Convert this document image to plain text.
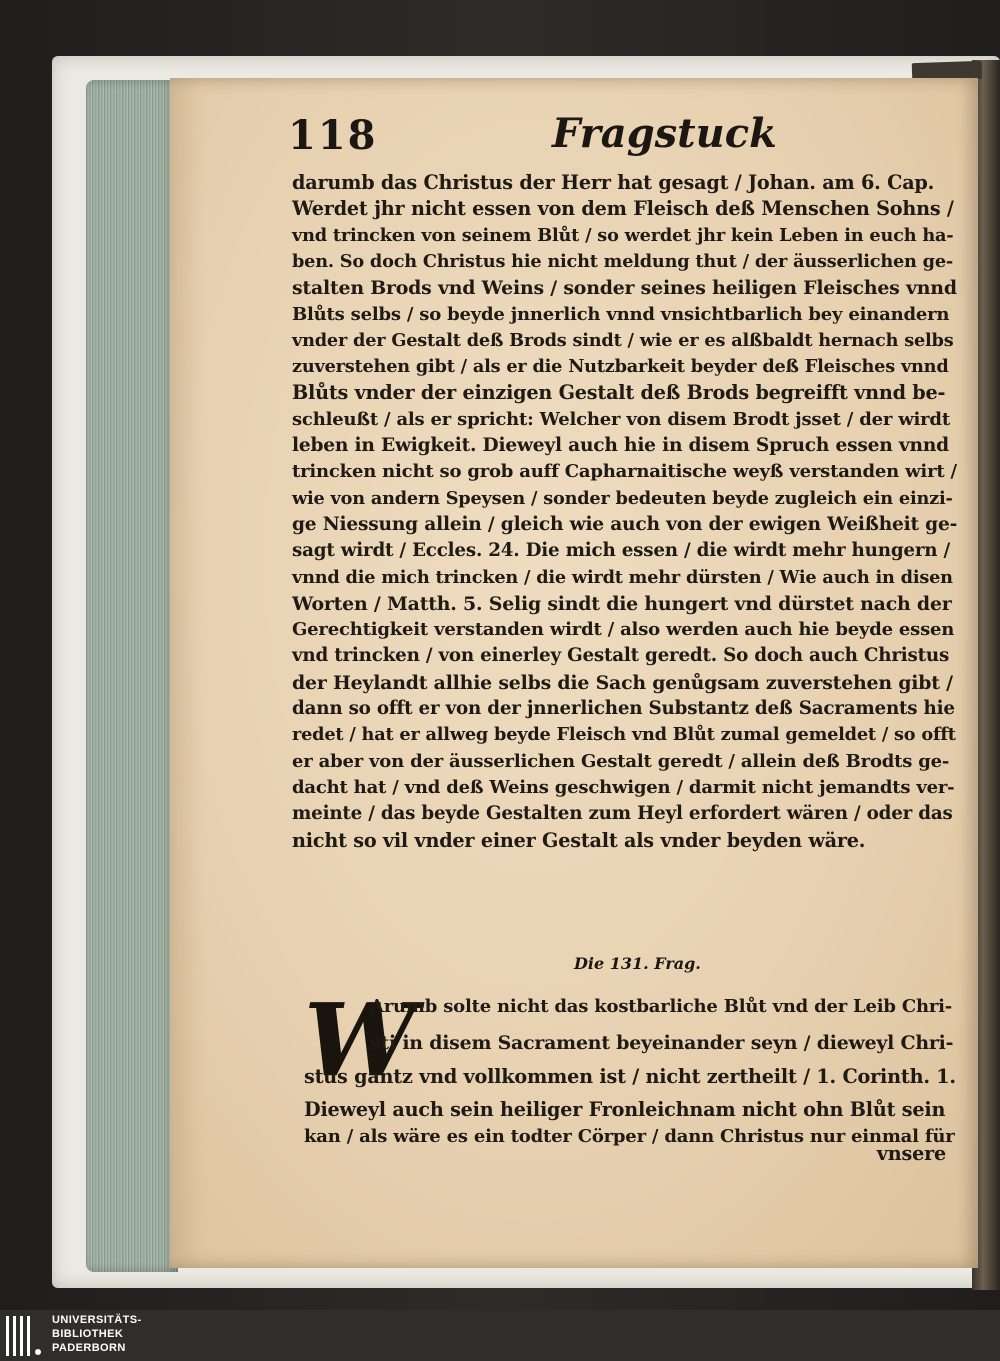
118	Fragstuck
darumb das Christus der Herr hat gesagt / Johan. am 6. Cap.
Werdet jhr nicht essen von dem Fleisch deß Menschen Sohns /
vnd trincken von seinem Blůt / so werdet jhr kein Leben in euch ha-
ben. So doch Christus hie nicht meldung thut / der äusserlichen ge-
stalten Brods vnd Weins / sonder seines heiligen Fleisches vnnd
Blůts selbs / so beyde jnnerlich vnnd vnsichtbarlich bey einandern
vnder der Gestalt deß Brods sindt / wie er es alßbaldt hernach selbs
zuverstehen gibt / als er die Nutzbarkeit beyder deß Fleisches vnnd
Blůts vnder der einzigen Gestalt deß Brods begreifft vnnd be-
schleußt / als er spricht: Welcher von disem Brodt jsset / der wirdt
leben in Ewigkeit. Dieweyl auch hie in disem Spruch essen vnnd
trincken nicht so grob auff Capharnaitische weyß verstanden wirt /
wie von andern Speysen / sonder bedeuten beyde zugleich ein einzi-
ge Niessung allein / gleich wie auch von der ewigen Weißheit ge-
sagt wirdt / Eccles. 24. Die mich essen / die wirdt mehr hungern /
vnnd die mich trincken / die wirdt mehr dürsten / Wie auch in disen
Worten / Matth. 5. Selig sindt die hungert vnd dürstet nach der
Gerechtigkeit verstanden wirdt / also werden auch hie beyde essen
vnd trincken / von einerley Gestalt geredt. So doch auch Christus
der Heylandt allhie selbs die Sach genůgsam zuverstehen gibt /
dann so offt er von der jnnerlichen Substantz deß Sacraments hie
redet / hat er allweg beyde Fleisch vnd Blůt zumal gemeldet / so offt
er aber von der äusserlichen Gestalt geredt / allein deß Brodts ge-
dacht hat / vnd deß Weins geschwigen / darmit nicht jemandts ver-
meinte / das beyde Gestalten zum Heyl erfordert wären / oder das
nicht so vil vnder einer Gestalt als vnder beyden wäre.
Die 131. Frag.
W
Arumb solte nicht das kostbarliche Blůt vnd der Leib Chri-
sti in disem Sacrament beyeinander seyn / dieweyl Chri-
stus gantz vnd vollkommen ist / nicht zertheilt / 1. Corinth. 1.
Dieweyl auch sein heiliger Fronleichnam nicht ohn Blůt sein
kan / als wäre es ein todter Cörper / dann Christus nur einmal für
vnsere
UNIVERSITÄTS-
BIBLIOTHEK
PADERBORN
